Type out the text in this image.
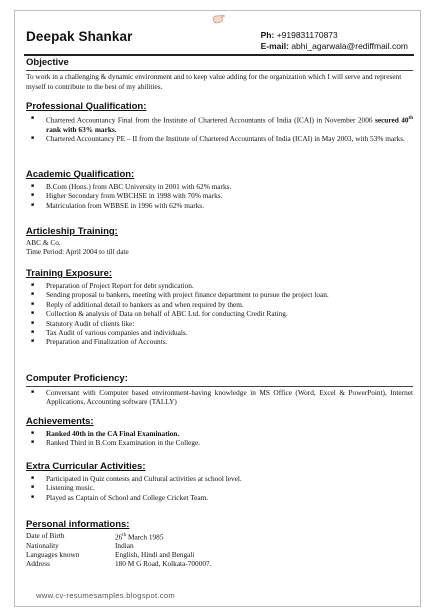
Deepak Shankar	Ph: +919831170873
E-mail: abhi_agarwala@rediffmail.com

Objective

To work in a challenging & dynamic environment and to keep value adding for the organization which I will serve and represent myself to contribute to the best of my abilities.

Professional Qualification:

■ Chartered Accountancy Final from the Institute of Chartered Accountants of India (ICAI) in November 2006 secured 40th rank with 63% marks.
■ Chartered Accountancy PE – II from the Institute of Chartered Accountants of India (ICAI) in May 2003, with 53% marks.

Academic Qualification:

■ B.Com (Hons.) from ABC University in 2001 with 62% marks.
■ Higher Secondary from WBCHSE in 1998 with 70% marks.
■ Matriculation from WBBSE in 1996 with 62% marks.

Articleship Training:

ABC & Co.
Time Period: April 2004 to till date

Training Exposure:

■ Preparation of Project Report for debt syndication.
■ Sending proposal to bankers, meeting with project finance department to pursue the project loan.
■ Reply of additional detail to bankers as and when required by them.
■ Collection & analysis of Data on behalf of ABC Ltd. for conducting Credit Rating.
■ Statutory Audit of clients like:
■ Tax Audit of various companies and individuals.
■ Preparation and Finalization of Accounts.

Computer Proficiency:

■ Conversant with Computer based environment-having knowledge in MS Office (Word, Excel & PowerPoint), Internet Applications, Accounting software (TALLY)

Achievements:

■ Ranked 40th in the CA Final Examination.
■ Ranked Third in B.Com Examination in the College.

Extra Curricular Activities:

■ Participated in Quiz contests and Cultural activities at school level.
■ Listening music.
■ Played as Captain of School and College Cricket Team.

Personal informations:

Date of Birth	26th March 1985
Nationality	Indian
Languages known	English, Hindi and Bengali
Address	180 M G Road, Kolkata-700007.
www.cv-resumesamples.blogspot.com
